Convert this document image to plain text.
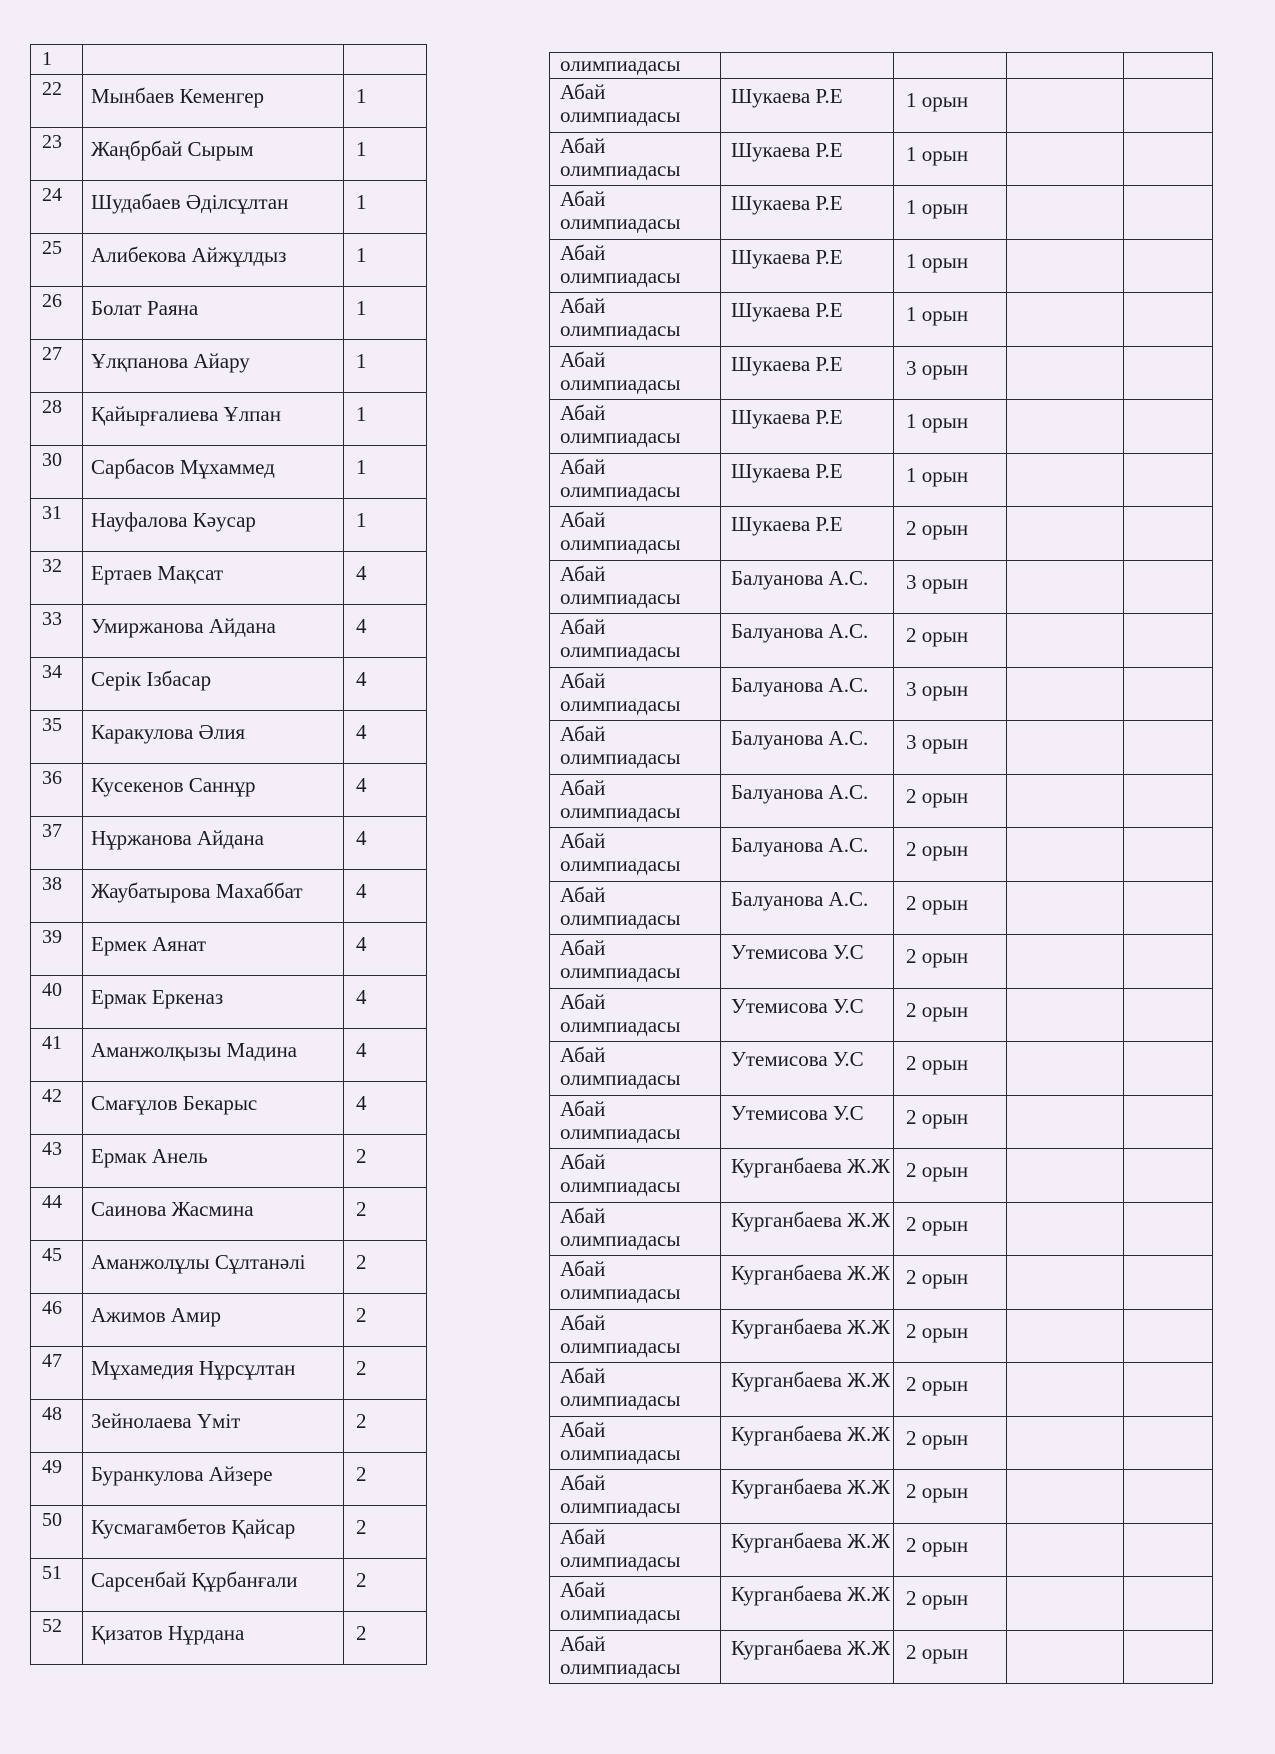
1		
22	Мынбаев Кеменгер	1
23	Жаңбрбай Сырым	1
24	Шудабаев Әділсұлтан	1
25	Алибекова Айжұлдыз	1
26	Болат Раяна	1
27	Ұлқпанова Айару	1
28	Қайырғалиева Ұлпан	1
30	Сарбасов Мұхаммед	1
31	Науфалова Кәусар	1
32	Ертаев Мақсат	4
33	Умиржанова Айдана	4
34	Серік Ізбасар	4
35	Каракулова Әлия	4
36	Кусекенов Саннұр	4
37	Нұржанова Айдана	4
38	Жаубатырова Махаббат	4
39	Ермек Аянат	4
40	Ермак Еркеназ	4
41	Аманжолқызы Мадина	4
42	Смағұлов Бекарыс	4
43	Ермак Анель	2
44	Саинова Жасмина	2
45	Аманжолұлы Сұлтанәлі	2
46	Ажимов Амир	2
47	Мұхамедия Нұрсұлтан	2
48	Зейнолаева Үміт	2
49	Буранкулова Айзере	2
50	Кусмагамбетов Қайсар	2
51	Сарсенбай Құрбанғали	2
52	Қизатов Нұрдана	2
олимпиадасы				
Абай олимпиадасы	Шукаева Р.Е	1 орын		
Абай олимпиадасы	Шукаева Р.Е	1 орын		
Абай олимпиадасы	Шукаева Р.Е	1 орын		
Абай олимпиадасы	Шукаева Р.Е	1 орын		
Абай олимпиадасы	Шукаева Р.Е	1 орын		
Абай олимпиадасы	Шукаева Р.Е	3 орын		
Абай олимпиадасы	Шукаева Р.Е	1 орын		
Абай олимпиадасы	Шукаева Р.Е	1 орын		
Абай олимпиадасы	Шукаева Р.Е	2 орын		
Абай олимпиадасы	Балуанова А.С.	3 орын		
Абай олимпиадасы	Балуанова А.С.	2 орын		
Абай олимпиадасы	Балуанова А.С.	3 орын		
Абай олимпиадасы	Балуанова А.С.	3 орын		
Абай олимпиадасы	Балуанова А.С.	2 орын		
Абай олимпиадасы	Балуанова А.С.	2 орын		
Абай олимпиадасы	Балуанова А.С.	2 орын		
Абай олимпиадасы	Утемисова У.С	2 орын		
Абай олимпиадасы	Утемисова У.С	2 орын		
Абай олимпиадасы	Утемисова У.С	2 орын		
Абай олимпиадасы	Утемисова У.С	2 орын		
Абай олимпиадасы	Курганбаева Ж.Ж	2 орын		
Абай олимпиадасы	Курганбаева Ж.Ж	2 орын		
Абай олимпиадасы	Курганбаева Ж.Ж	2 орын		
Абай олимпиадасы	Курганбаева Ж.Ж	2 орын		
Абай олимпиадасы	Курганбаева Ж.Ж	2 орын		
Абай олимпиадасы	Курганбаева Ж.Ж	2 орын		
Абай олимпиадасы	Курганбаева Ж.Ж	2 орын		
Абай олимпиадасы	Курганбаева Ж.Ж	2 орын		
Абай олимпиадасы	Курганбаева Ж.Ж	2 орын		
Абай олимпиадасы	Курганбаева Ж.Ж	2 орын		
